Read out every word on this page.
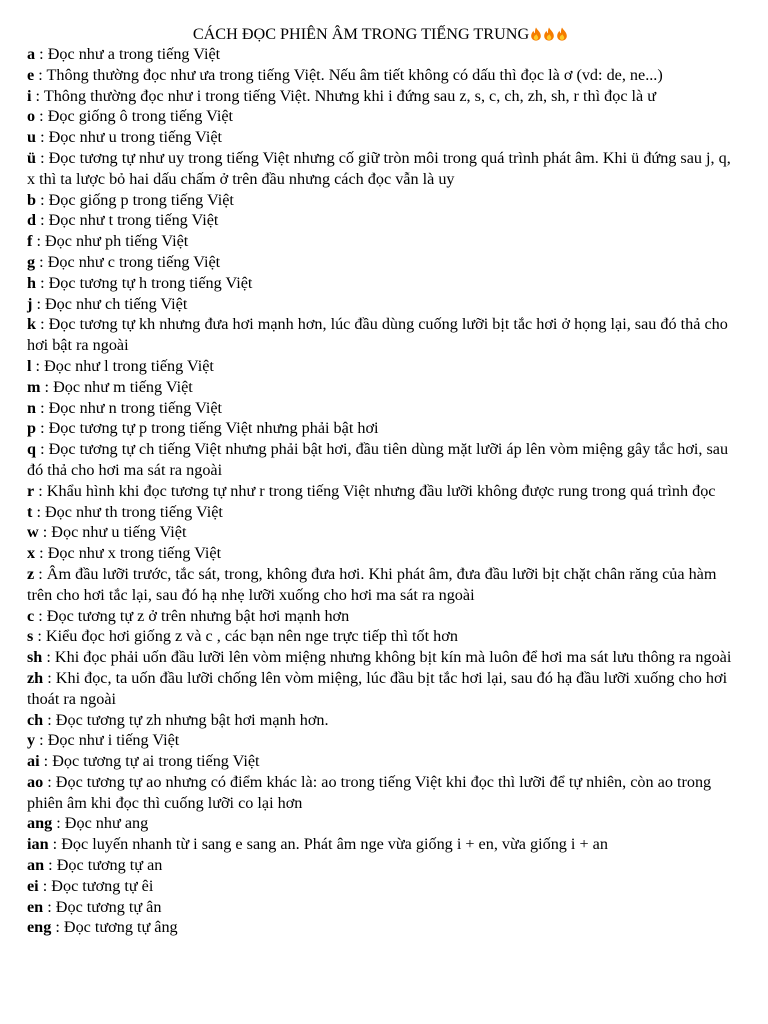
CÁCH ĐỌC PHIÊN ÂM TRONG TIẾNG TRUNG
a : Đọc như a trong tiếng Việt
e : Thông thường đọc như ưa trong tiếng Việt. Nếu âm tiết không có dấu thì đọc là ơ (vd: de, ne...)
i : Thông thường đọc như i trong tiếng Việt. Nhưng khi i đứng sau z, s, c, ch, zh, sh, r thì đọc là ư
o : Đọc giống ô trong tiếng Việt
u : Đọc như u trong tiếng Việt
ü : Đọc tương tự như uy trong tiếng Việt nhưng cố giữ tròn môi trong quá trình phát âm. Khi ü đứng sau j, q, x thì ta lược bỏ hai dấu chấm ở trên đầu nhưng cách đọc vẫn là uy
b : Đọc giống p trong tiếng Việt
d : Đọc như t trong tiếng Việt
f : Đọc như ph tiếng Việt
g : Đọc như c trong tiếng Việt
h : Đọc tương tự h trong tiếng Việt
j : Đọc như ch tiếng Việt
k : Đọc tương tự kh nhưng đưa hơi mạnh hơn, lúc đầu dùng cuống lưỡi bịt tắc hơi ở họng lại, sau đó thả cho hơi bật ra ngoài
l : Đọc như l trong tiếng Việt
m : Đọc như m tiếng Việt
n : Đọc như n trong tiếng Việt
p : Đọc tương tự p trong tiếng Việt nhưng phải bật hơi
q : Đọc tương tự ch tiếng Việt nhưng phải bật hơi, đầu tiên dùng mặt lưỡi áp lên vòm miệng gây tắc hơi, sau đó thả cho hơi ma sát ra ngoài
r : Khẩu hình khi đọc tương tự như r trong tiếng Việt nhưng đầu lưỡi không được rung trong quá trình đọc
t : Đọc như th trong tiếng Việt
w : Đọc như u tiếng Việt
x : Đọc như x trong tiếng Việt
z : Âm đầu lưỡi trước, tắc sát, trong, không đưa hơi. Khi phát âm, đưa đầu lưỡi bịt chặt chân răng của hàm trên cho hơi tắc lại, sau đó hạ nhẹ lưỡi xuống cho hơi ma sát ra ngoài
c : Đọc tương tự z ở trên nhưng bật hơi mạnh hơn
s : Kiểu đọc hơi giống z và c , các bạn nên nge trực tiếp thì tốt hơn
sh : Khi đọc phải uốn đầu lưỡi lên vòm miệng nhưng không bịt kín mà luôn để hơi ma sát lưu thông ra ngoài
zh : Khi đọc, ta uốn đầu lưỡi chống lên vòm miệng, lúc đầu bịt tắc hơi lại, sau đó hạ đầu lưỡi xuống cho hơi thoát ra ngoài
ch : Đọc tương tự zh nhưng bật hơi mạnh hơn.
y : Đọc như i tiếng Việt
ai : Đọc tương tự ai trong tiếng Việt
ao : Đọc tương tự ao nhưng có điểm khác là: ao trong tiếng Việt khi đọc thì lưỡi để tự nhiên, còn ao trong phiên âm khi đọc thì cuống lưỡi co lại hơn
ang : Đọc như ang
ian : Đọc luyến nhanh từ i sang e sang an. Phát âm nge vừa giống i + en, vừa giống i + an
an : Đọc tương tự an
ei : Đọc tương tự êi
en : Đọc tương tự ân
eng : Đọc tương tự âng
